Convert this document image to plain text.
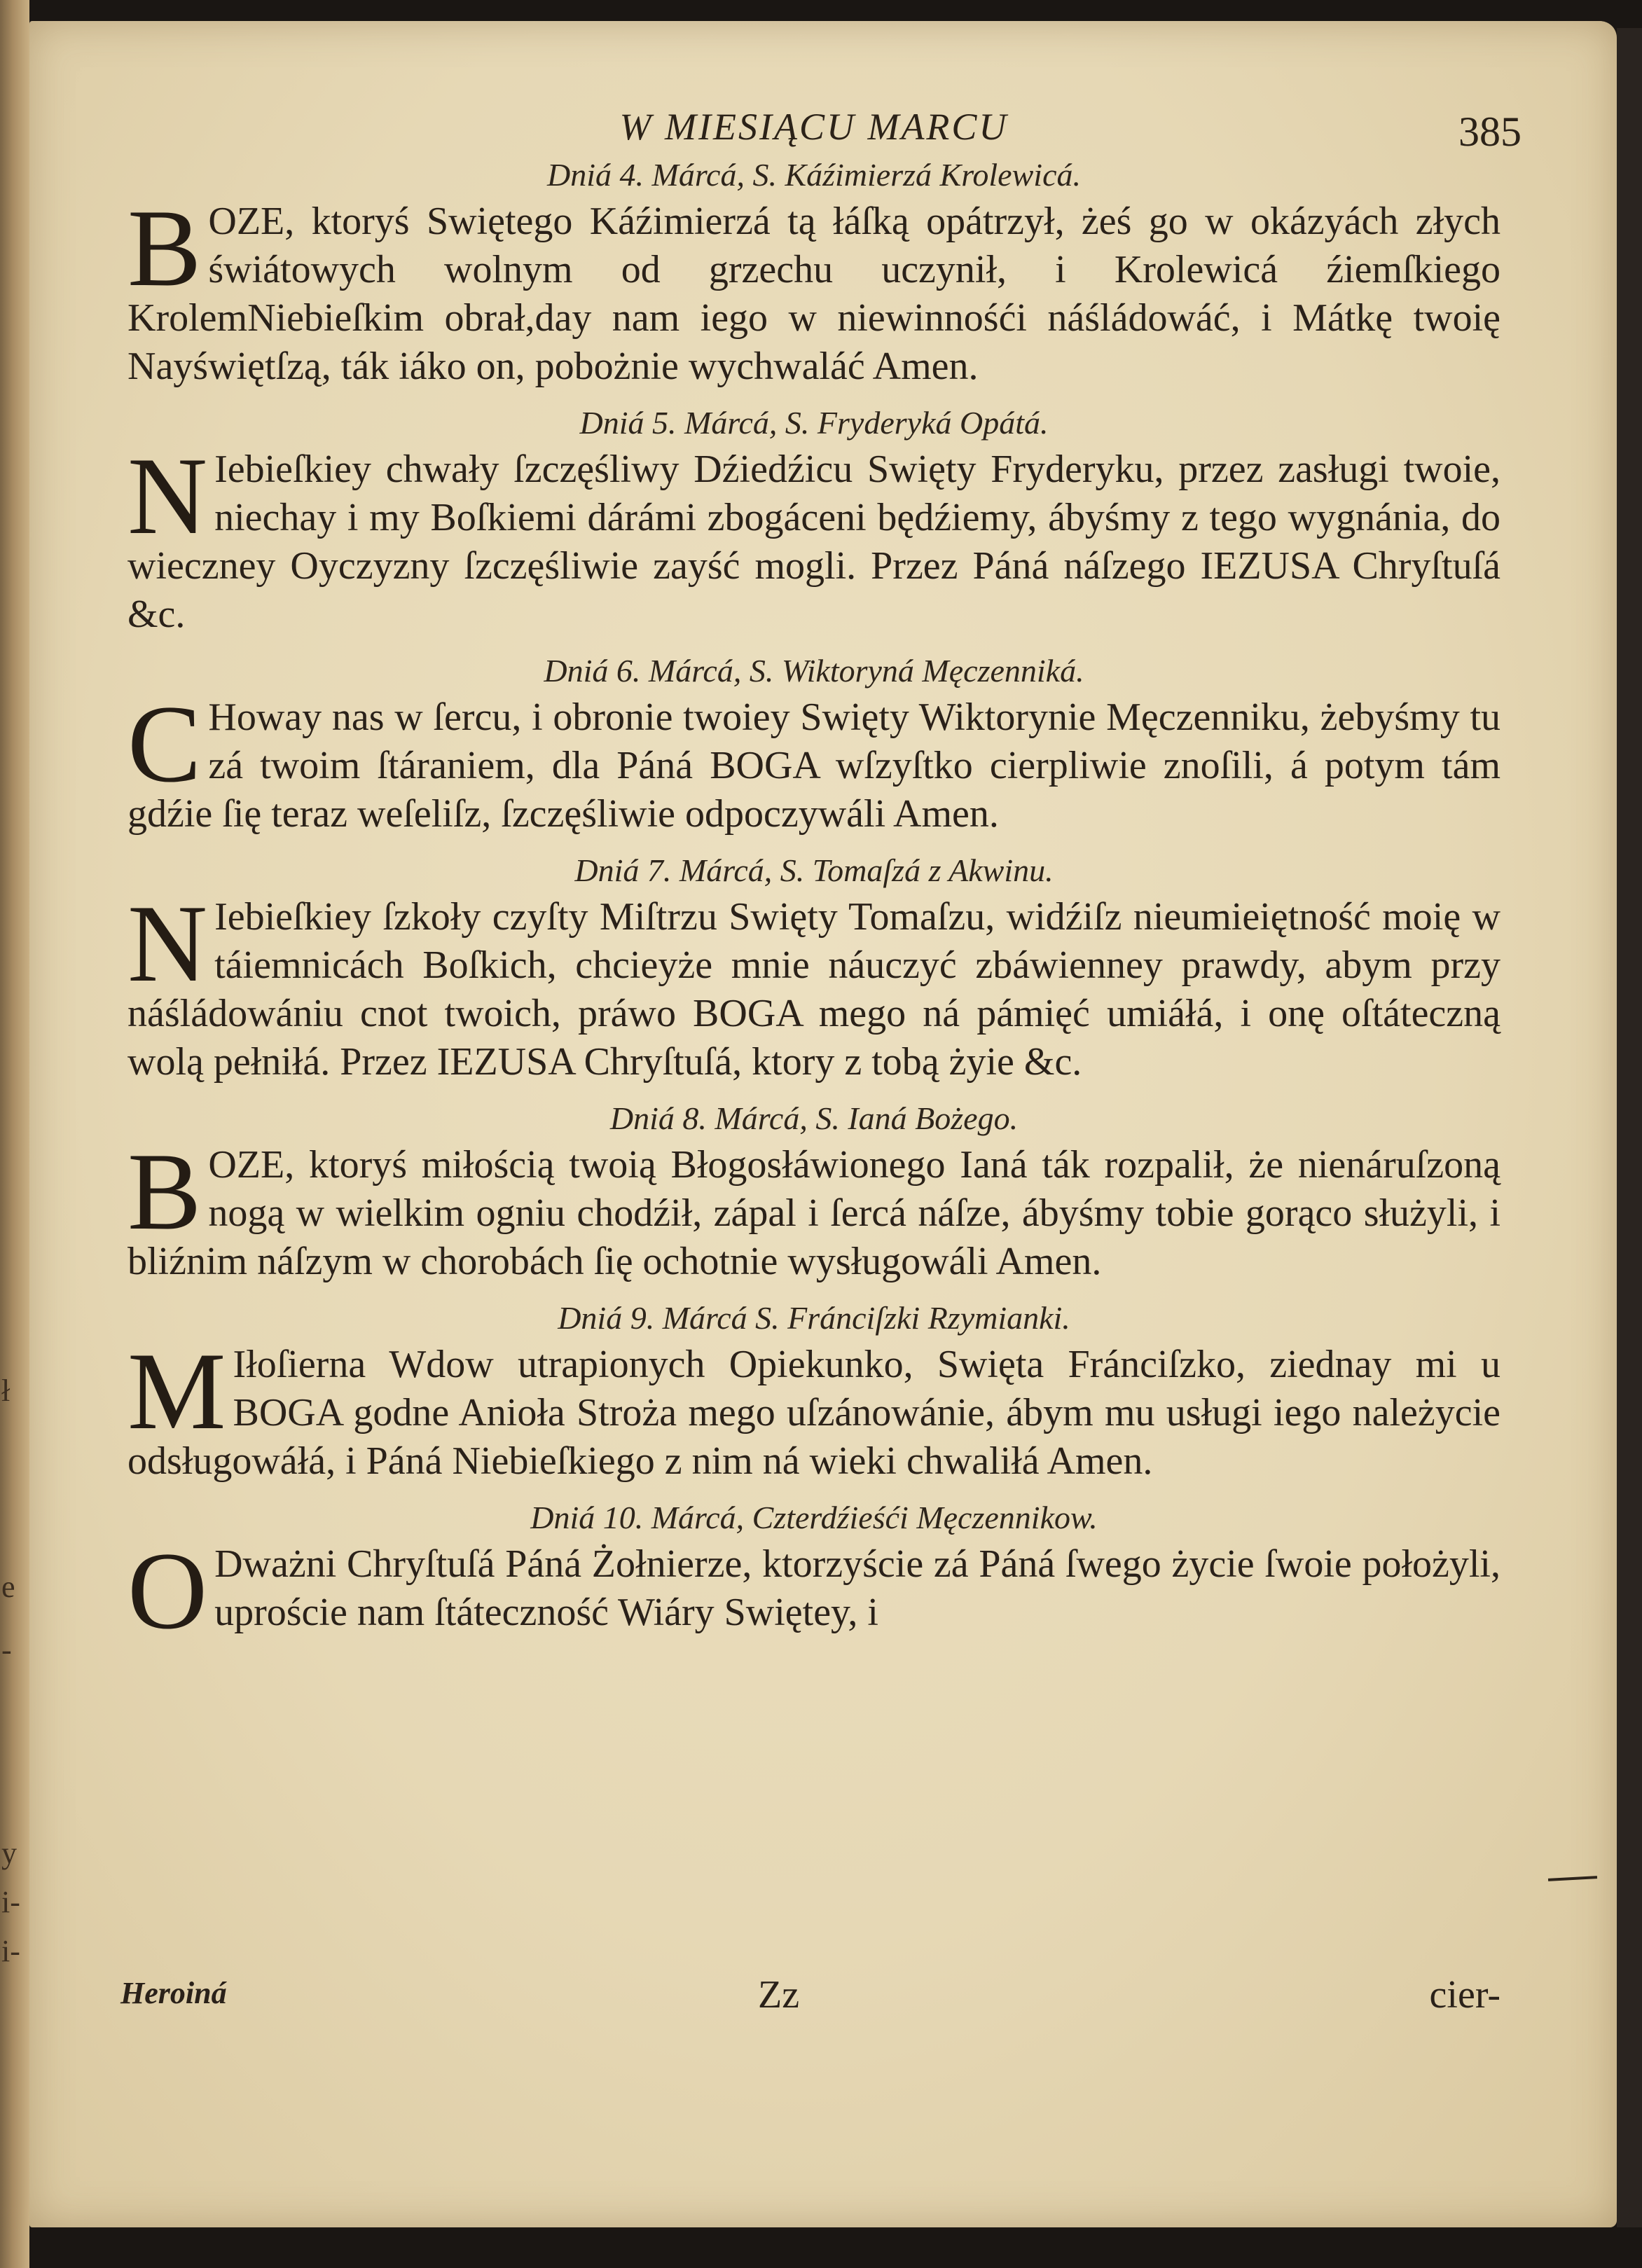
ł
e
-
y
i-
i-
W MIESIĄCU MARCU	385

Dniá 4. Márcá, S. Káźimierzá Krolewicá.

BOZE, ktoryś Swiętego Káźimierzá tą łáſką opátrzył, żeś go w okázyách złych świátowych wolnym od grzechu uczynił, i Krolewicá źiemſkiego KrolemNiebieſkim obrał,day nam iego w niewinnośći náśládowáć, i Mátkę twoię Nayświętſzą, ták iáko on, pobożnie wychwaláć Amen.

Dniá 5. Márcá, S. Fryderyká Opátá.

N Iebieſkiey chwały ſzczęśliwy Dźiedźicu Swięty Fryderyku, przez zasługi twoie, niechay i my Boſkiemi dárámi zbogáceni będźiemy, ábyśmy z tego wygnánia, do wieczney Oyczyzny ſzczęśliwie zayść mogli. Przez Páná náſzego IEZUSA Chryſtuſá &c.

Dniá 6. Márcá, S. Wiktoryná Męczenniká.

C Howay nas w ſercu, i obronie twoiey Swięty Wiktorynie Męczenniku, żebyśmy tu zá twoim ſtáraniem, dla Páná BOGA wſzyſtko cierpliwie znoſili, á potym tám gdźie ſię teraz weſeliſz, ſzczęśliwie odpoczywáli Amen.

Dniá 7. Márcá, S. Tomaſzá z Akwinu.

N Iebieſkiey ſzkoły czyſty Miſtrzu Swięty Tomaſzu, widźiſz nieumieiętność moię w táiemnicách Boſkich, chcieyże mnie náuczyć zbáwienney prawdy, abym przy náśládowániu cnot twoich, práwo BOGA mego ná pámięć umiáłá, i onę oſtáteczną wolą pełniłá. Przez IEZUSA Chryſtuſá, ktory z tobą żyie &c.

Dniá 8. Márcá, S. Ianá Bożego.

BOZE, ktoryś miłością twoią Błogosłáwionego Ianá ták rozpalił, że nienáruſzoną nogą w wielkim ogniu chodźił, zápal i ſercá náſze, ábyśmy tobie gorąco służyli, i bliźnim náſzym w chorobách ſię ochotnie wysługowáli Amen.

Dniá 9. Márcá S. Fránciſzki Rzymianki.

M Iłoſierna Wdow utrapionych Opiekunko, Swięta Fránciſzko, ziednay mi u BOGA godne Anioła Stroża mego uſzánowánie, ábym mu usługi iego należycie odsługowáłá, i Páná Niebieſkiego z nim ná wieki chwaliłá Amen.

Dniá 10. Márcá, Czterdźieśći Męczennikow.

O Dważni Chryſtuſá Páná Żołnierze, ktorzyście zá Páná ſwego życie ſwoie położyli, uproście nam ſtáteczność Wiáry Swiętey, i

Heroiná	Zz	cier-
